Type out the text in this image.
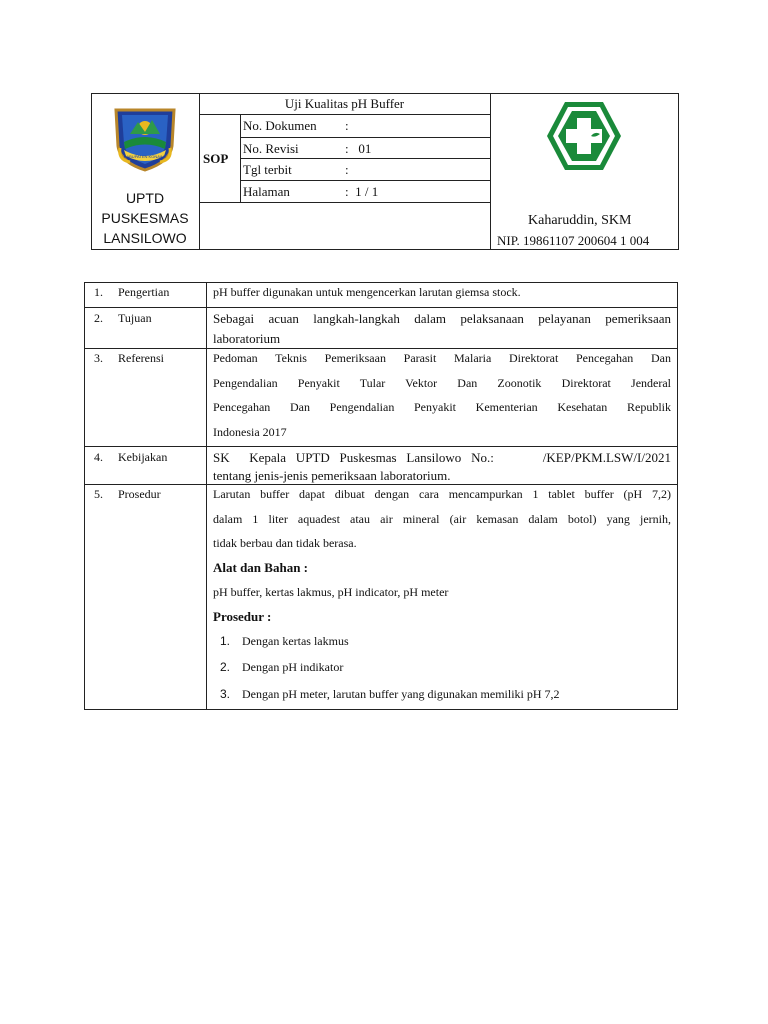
KABUPATEN KONAWE
UPTD
PUSKESMAS
LANSILOWO
Uji Kualitas pH Buffer
SOP
No. Dokumen :
No. Revisi	:   01
Tgl terbit	:
Halaman	:  1 / 1
Kaharuddin, SKM
NIP. 19861107 200604 1 004
1. Pengertian	pH buffer digunakan untuk mengencerkan larutan giemsa stock.
2. Tujuan	Sebagai acuan langkah-langkah dalam pelaksanaan pelayanan pemeriksaan
laboratorium
3. Referensi	Pedoman Teknis Pemeriksaan Parasit Malaria Direktorat Pencegahan Dan
Pengendalian Penyakit Tular Vektor Dan Zoonotik Direktorat Jenderal
Pencegahan Dan Pengendalian Penyakit Kementerian Kesehatan Republik
Indonesia 2017
4. Kebijakan	SK  Kepala UPTD Puskesmas Lansilowo No.:     /KEP/PKM.LSW/I/2021
tentang jenis-jenis pemeriksaan laboratorium.
5. Prosedur	Larutan buffer dapat dibuat dengan cara mencampurkan 1 tablet buffer (pH 7,2)
dalam 1 liter aquadest atau air mineral (air kemasan dalam botol) yang jernih,
tidak berbau dan tidak berasa.
Alat dan Bahan :
pH buffer, kertas lakmus, pH indicator, pH meter
Prosedur :
1. Dengan kertas lakmus
2. Dengan pH indikator
3. Dengan pH meter, larutan buffer yang digunakan memiliki pH 7,2
